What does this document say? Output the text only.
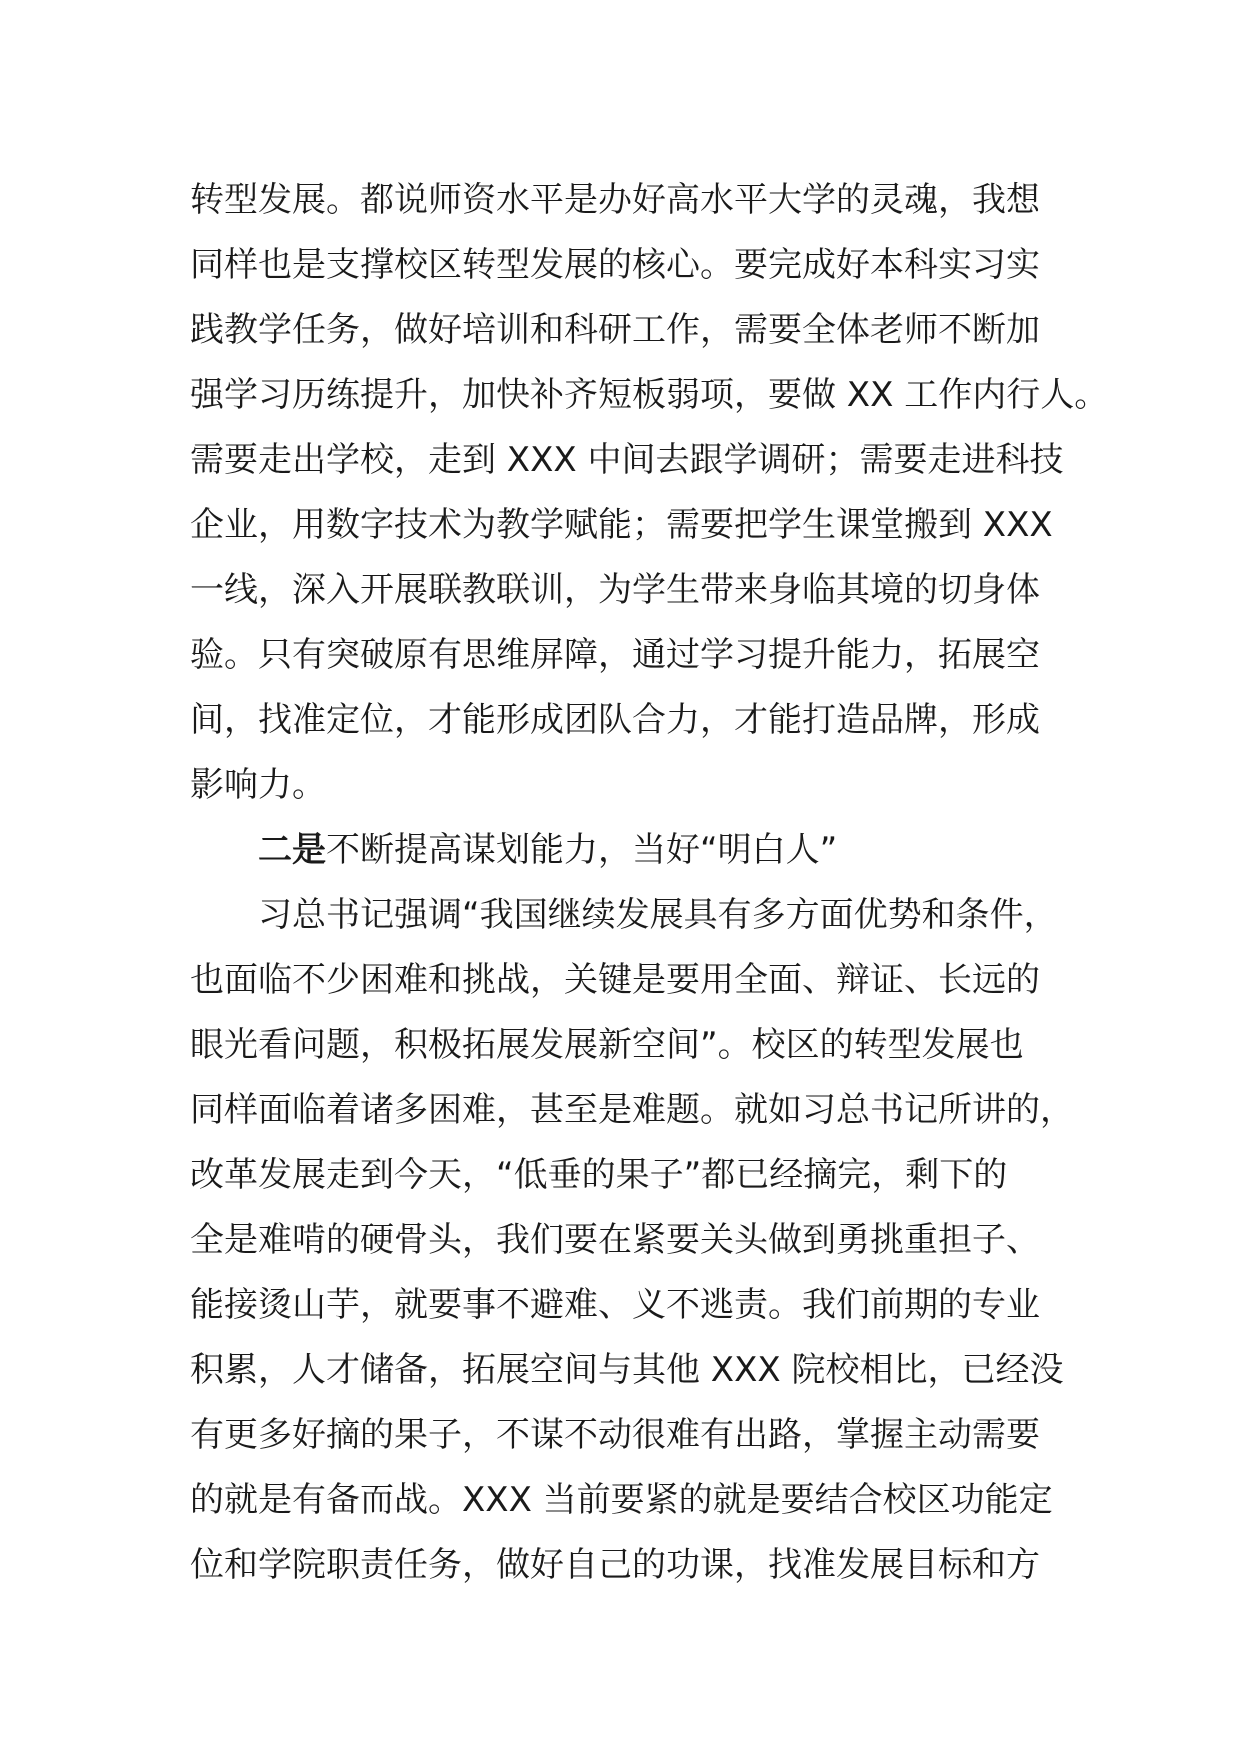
转型发展。都说师资水平是办好高水平大学的灵魂，我想
同样也是支撑校区转型发展的核心。要完成好本科实习实
践教学任务，做好培训和科研工作，需要全体老师不断加
强学习历练提升，加快补齐短板弱项，要做 XX 工作内行人。
需要走出学校，走到 XXX 中间去跟学调研；需要走进科技
企业，用数字技术为教学赋能；需要把学生课堂搬到 XXX
一线，深入开展联教联训，为学生带来身临其境的切身体
验。只有突破原有思维屏障，通过学习提升能力，拓展空
间，找准定位，才能形成团队合力，才能打造品牌，形成
影响力。
二是不断提高谋划能力，当好“明白人”
习总书记强调“我国继续发展具有多方面优势和条件，
也面临不少困难和挑战，关键是要用全面、辩证、长远的
眼光看问题，积极拓展发展新空间”。校区的转型发展也
同样面临着诸多困难，甚至是难题。就如习总书记所讲的，
改革发展走到今天，“低垂的果子”都已经摘完，剩下的
全是难啃的硬骨头，我们要在紧要关头做到勇挑重担子、
能接烫山芋，就要事不避难、义不逃责。我们前期的专业
积累，人才储备，拓展空间与其他 XXX 院校相比，已经没
有更多好摘的果子，不谋不动很难有出路，掌握主动需要
的就是有备而战。XXX 当前要紧的就是要结合校区功能定
位和学院职责任务，做好自己的功课，找准发展目标和方
